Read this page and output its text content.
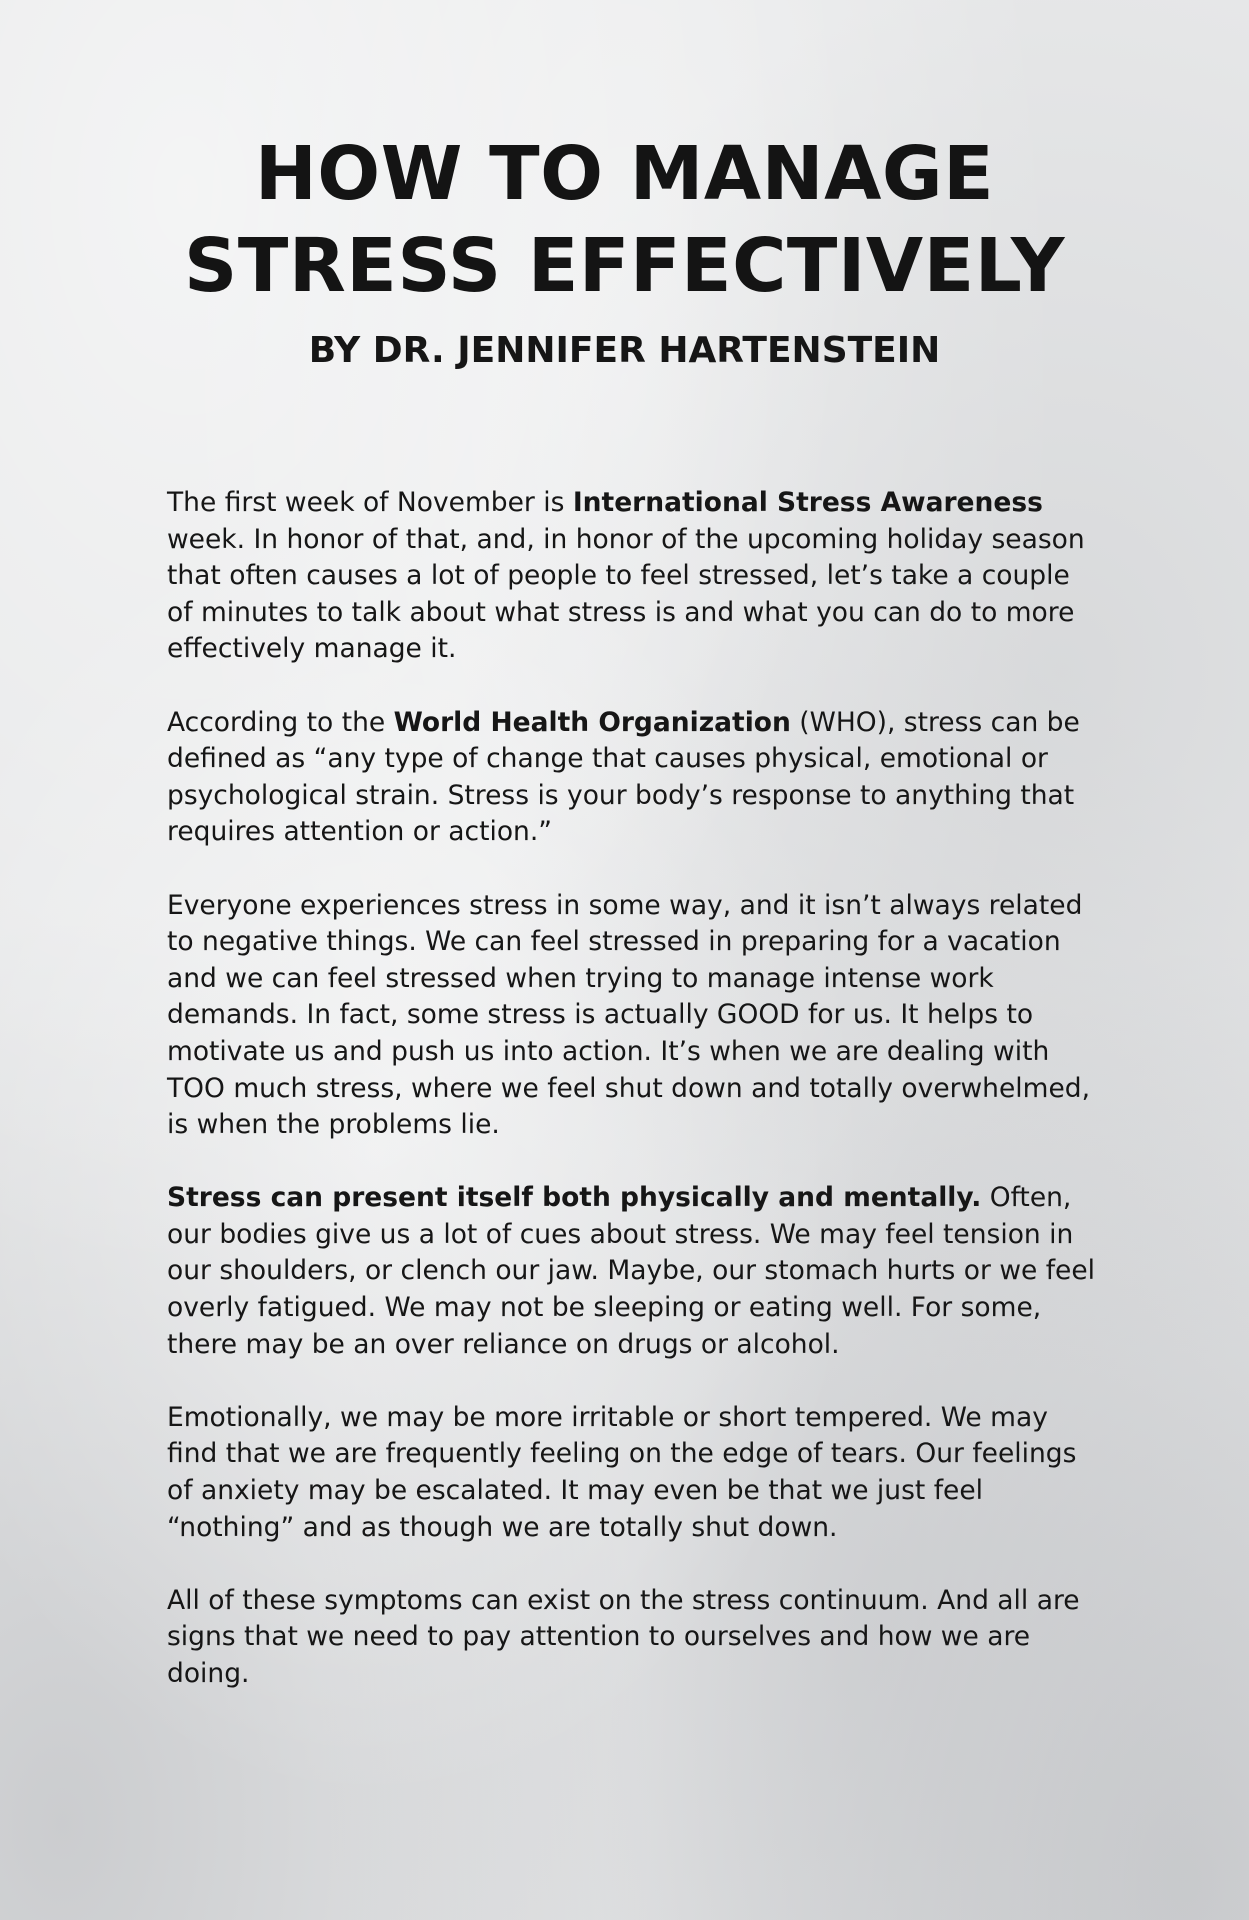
HOW TO MANAGE
STRESS EFFECTIVELY
BY DR. JENNIFER HARTENSTEIN

The first week of November is International Stress Awareness week. In honor of that, and, in honor of the upcoming holiday season that often causes a lot of people to feel stressed, let’s take a couple of minutes to talk about what stress is and what you can do to more effectively manage it.

According to the World Health Organization (WHO), stress can be defined as “any type of change that causes physical, emotional or psychological strain. Stress is your body’s response to anything that requires attention or action.”

Everyone experiences stress in some way, and it isn’t always related to negative things. We can feel stressed in preparing for a vacation and we can feel stressed when trying to manage intense work demands. In fact, some stress is actually GOOD for us. It helps to motivate us and push us into action. It’s when we are dealing with TOO much stress, where we feel shut down and totally overwhelmed, is when the problems lie.

Stress can present itself both physically and mentally. Often, our bodies give us a lot of cues about stress. We may feel tension in our shoulders, or clench our jaw. Maybe, our stomach hurts or we feel overly fatigued. We may not be sleeping or eating well. For some, there may be an over reliance on drugs or alcohol.

Emotionally, we may be more irritable or short tempered. We may find that we are frequently feeling on the edge of tears. Our feelings of anxiety may be escalated. It may even be that we just feel “nothing” and as though we are totally shut down.

All of these symptoms can exist on the stress continuum. And all are signs that we need to pay attention to ourselves and how we are doing.
